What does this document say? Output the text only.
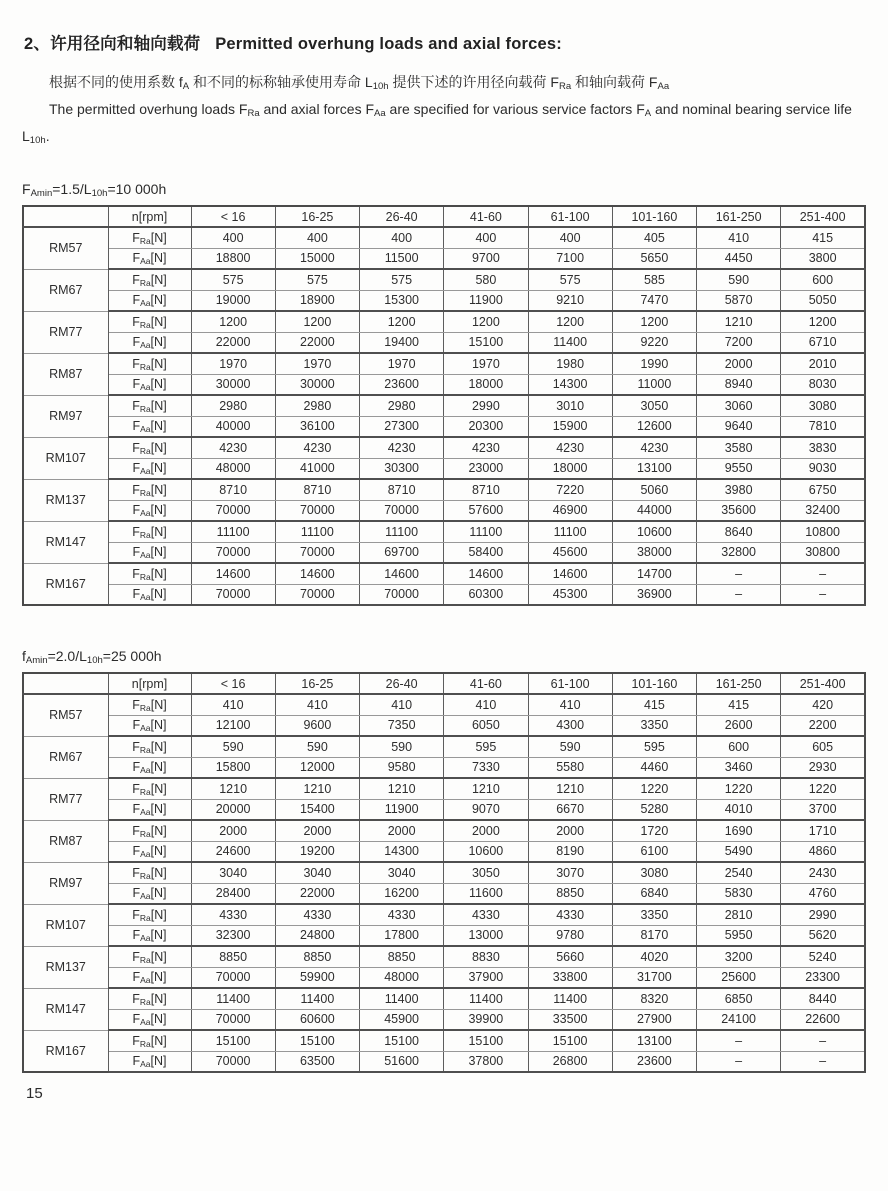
2、许用径向和轴向载荷 Permitted overhung loads and axial forces:

根据不同的使用系数 $f_A$ 和不同的标称轴承使用寿命 $L_{10h}$ 提供下述的许用径向载荷 $F_{Ra}$ 和轴向载荷 $F_{Aa}$

The permitted overhung loads $F_{Ra}$ and axial forces $F_{Aa}$ are specified for various service factors $F_A$ and nominal bearing service life $L_{10h}$.

$F_{Amin}=1.5/L_{10h}=10$ 000h
	n[rpm]	< 16	16-25	26-40	41-60	61-100	101-160	161-250	251-400
RM57	$F_{Ra}[N]$	400	400	400	400	400	405	410	415
	$F_{Aa}[N]$	18800	15000	11500	9700	7100	5650	4450	3800
RM67	$F_{Ra}[N]$	575	575	575	580	575	585	590	600
	$F_{Aa}[N]$	19000	18900	15300	11900	9210	7470	5870	5050
RM77	$F_{Ra}[N]$	1200	1200	1200	1200	1200	1200	1210	1200
	$F_{Aa}[N]$	22000	22000	19400	15100	11400	9220	7200	6710
RM87	$F_{Ra}[N]$	1970	1970	1970	1970	1980	1990	2000	2010
	$F_{Aa}[N]$	30000	30000	23600	18000	14300	11000	8940	8030
RM97	$F_{Ra}[N]$	2980	2980	2980	2990	3010	3050	3060	3080
	$F_{Aa}[N]$	40000	36100	27300	20300	15900	12600	9640	7810
RM107	$F_{Ra}[N]$	4230	4230	4230	4230	4230	4230	3580	3830
	$F_{Aa}[N]$	48000	41000	30300	23000	18000	13100	9550	9030
RM137	$F_{Ra}[N]$	8710	8710	8710	8710	7220	5060	3980	6750
	$F_{Aa}[N]$	70000	70000	70000	57600	46900	44000	35600	32400
RM147	$F_{Ra}[N]$	11100	11100	11100	11100	11100	10600	8640	10800
	$F_{Aa}[N]$	70000	70000	69700	58400	45600	38000	32800	30800
RM167	$F_{Ra}[N]$	14600	14600	14600	14600	14600	14700	–	–
	$F_{Aa}[N]$	70000	70000	70000	60300	45300	36900	–	–
$f_{Amin}=2.0/L_{10h}=25$ 000h
	n[rpm]	< 16	16-25	26-40	41-60	61-100	101-160	161-250	251-400
RM57	$F_{Ra}[N]$	410	410	410	410	410	415	415	420
	$F_{Aa}[N]$	12100	9600	7350	6050	4300	3350	2600	2200
RM67	$F_{Ra}[N]$	590	590	590	595	590	595	600	605
	$F_{Aa}[N]$	15800	12000	9580	7330	5580	4460	3460	2930
RM77	$F_{Ra}[N]$	1210	1210	1210	1210	1210	1220	1220	1220
	$F_{Aa}[N]$	20000	15400	11900	9070	6670	5280	4010	3700
RM87	$F_{Ra}[N]$	2000	2000	2000	2000	2000	1720	1690	1710
	$F_{Aa}[N]$	24600	19200	14300	10600	8190	6100	5490	4860
RM97	$F_{Ra}[N]$	3040	3040	3040	3050	3070	3080	2540	2430
	$F_{Aa}[N]$	28400	22000	16200	11600	8850	6840	5830	4760
RM107	$F_{Ra}[N]$	4330	4330	4330	4330	4330	3350	2810	2990
	$F_{Aa}[N]$	32300	24800	17800	13000	9780	8170	5950	5620
RM137	$F_{Ra}[N]$	8850	8850	8850	8830	5660	4020	3200	5240
	$F_{Aa}[N]$	70000	59900	48000	37900	33800	31700	25600	23300
RM147	$F_{Ra}[N]$	11400	11400	11400	11400	11400	8320	6850	8440
	$F_{Aa}[N]$	70000	60600	45900	39900	33500	27900	24100	22600
RM167	$F_{Ra}[N]$	15100	15100	15100	15100	15100	13100	–	–
	$F_{Aa}[N]$	70000	63500	51600	37800	26800	23600	–	–
15
